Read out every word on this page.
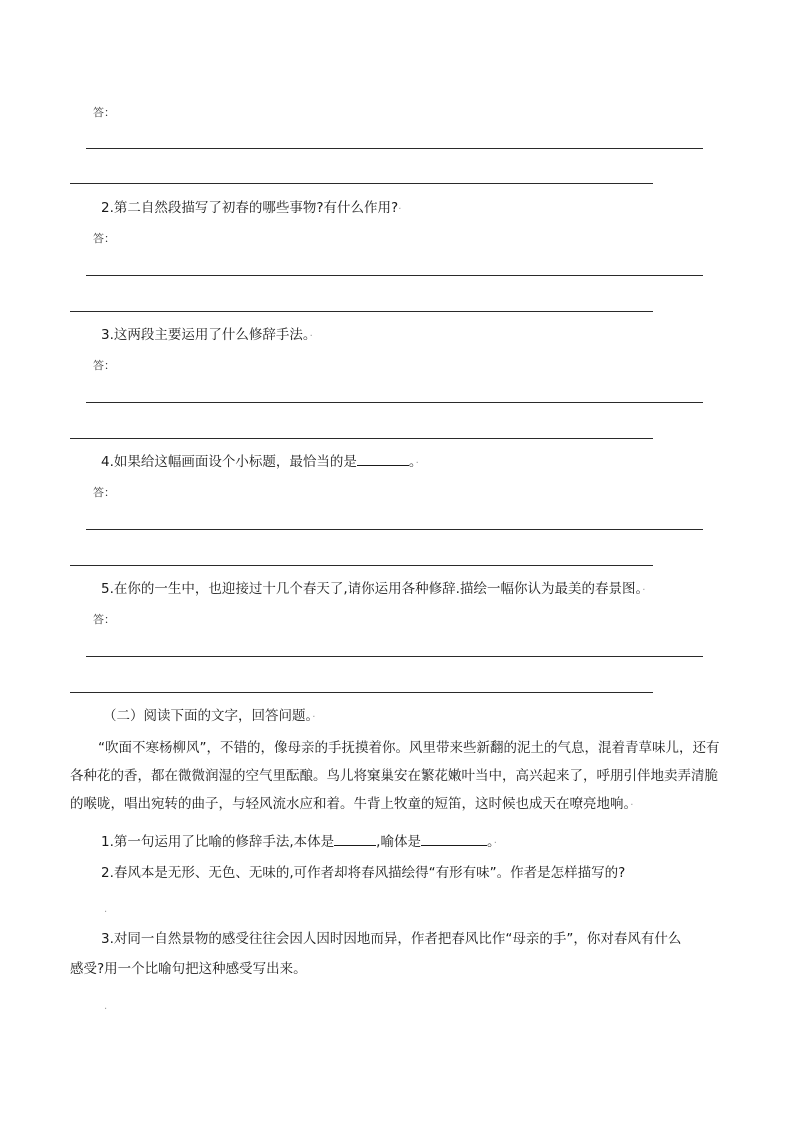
答：
2.第二自然段描写了初春的哪些事物?有什么作用?·
答：
3.这两段主要运用了什么修辞手法。·
答：
4.如果给这幅画面设个小标题，最恰当的是	。·
答：
5.在你的一生中，也迎接过十几个春天了,请你运用各种修辞.描绘一幅你认为最美的春景图。·
答：
（二）阅读下面的文字，回答问题。·
“吹面不寒杨柳风”，不错的，像母亲的手抚摸着你。风里带来些新翻的泥土的气息，混着青草味儿，还有各种花的香，都在微微润湿的空气里酝酿。鸟儿将窠巢安在繁花嫩叶当中，高兴起来了，呼朋引伴地卖弄清脆的喉咙，唱出宛转的曲子，与轻风流水应和着。牛背上牧童的短笛，这时候也成天在嘹亮地响。·
1.第一句运用了比喻的修辞手法,本体是	,喻体是	。·
2.春风本是无形、无色、无味的,可作者却将春风描绘得“有形有味”。作者是怎样描写的?
·
3.对同一自然景物的感受往往会因人因时因地而异，作者把春风比作“母亲的手”，你对春风有什么
感受?用一个比喻句把这种感受写出来。
·
